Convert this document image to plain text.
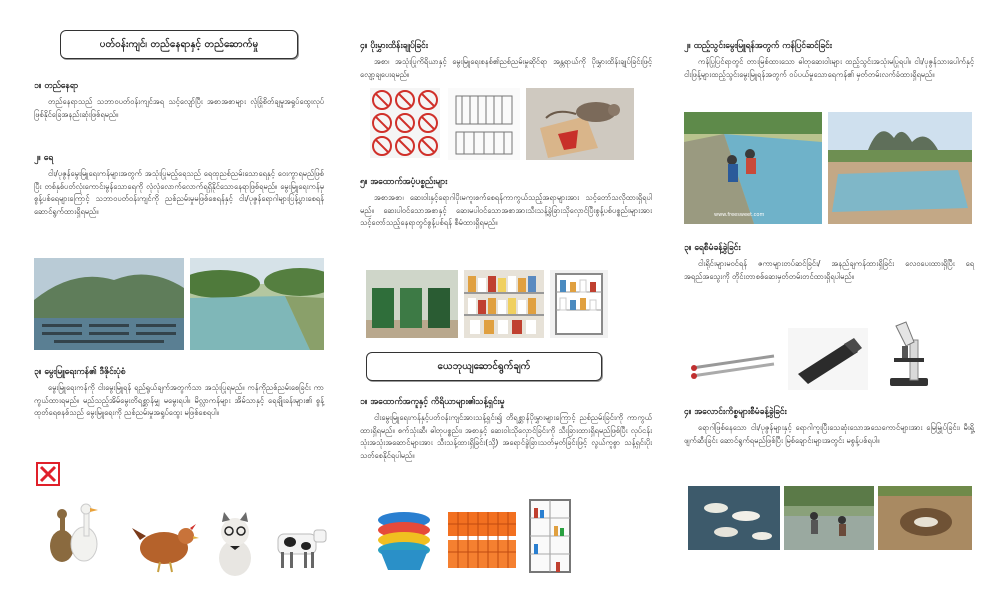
ပတ်ဝန်းကျင်၊ တည်နေရာနှင့် တည်ဆောက်မှု
၁။ တည်နေရာ

တည်နေရာသည် သဘာဝပတ်ဝန်းကျင်အရ သင့်လျော်ပြီး အစာအစာများ လုံခြုံစိတ်ချမှုအရှုပ်ထွေးလုပ် ဖြစ်နိုင်ခြေအနည်းဆုံးဖြစ်ရမည်။

၂။ ရေ

ငါး/ပုဇွန်မွေးမြူရေးကန်များအတွက် အသုံးပြုမည့်ရေသည် ရေထုညစ်ညမ်းသောရေနှင့် ဝေးကွာရမည်ဖြစ်ပြီး တစ်နှစ်ပတ်လုံးကောင်းမွန်သောရေကို လုံလုံလောက်လောက်ရရှိနိုင်သောနေရာဖြစ်ရမည်။ မွေးမြူရေးကန်မှ စွန့်ပစ်ရေများကြောင့် သဘာဝပတ်ဝန်းကျင်ကို ညစ်ညမ်းမှုမဖြစ်စေရန်နှင့် ငါး/ပုဇွန်ရောဂါများပြန့်ပွားစေရန် ဆောင်ရွက်ထားရှိရမည်။

၃။ မွေးမြူရေးကန်၏ ဒီဇိုင်းပုံစံ

မွေးမြူရေးကန်ကို ငါးမွေးမြူရန် ရည်ရွယ်ချက်အတွက်သာ အသုံးပြုရမည်။ ကန်ကိုညစ်ညမ်းစေခြင်း ကာကွယ်ထားရမည်။ မည်သည့်အိမ်မွေးတိရစ္ဆာန်မျှ မမွေးရပါ။ မိလ္လာကန်များ အိမ်သာနှင့် ရေချိုးခန်းများ၏ စွန့်ထုတ်ရေစနစ်သည် မွေးမြူရေးကို ညစ်ညမ်းမှုအရှုပ်ထွေး မဖြစ်စေရပါ။

၄။ ပိုးမွှားထိန်းချုပ်ခြင်း

အစာ၊ အသုံးပြုကိရိယာနှင့် မွေးမြူရေးစနစ်၏ညစ်ညမ်းမှုဆိုင်ရာ အန္တရာယ်ကို ပိုးမွှားထိန်းချုပ်ခြင်းဖြင့် လျော့ချပေးရမည်။

၅။ အထောက်အပံ့ပစ္စည်းများ

အစာအစာ၊ ဆေးဝါးနှင့်ရောဂါပိုးမကူးစက်စေရန်ကာကွယ်သည့်အရာများအား သင့်တော်သလိုထားရှိရပါမည်။ ဆေးပါဝင်သောအစာနှင့် ဆေးမပါဝင်သောအစာအားသီးသန့်ခွဲခြားသိုလှောင်ပြီးစွန့်ပစ်ပစ္စည်းများအားသင့်တော်သည့်နေရာတွင်စွန့်ပစ်ရန် စီမံထားရှိရမည်။

ယေဘုယျဆောင်ရွက်ချက်
၁။ အထောက်အကူနှင့် ကိရိယာများ၏သန့်ရှင်းမှု

ငါးမွေးမြူရေးကန်နှင့်ပတ်ဝန်းကျင်အားသန့်ရှင်း၍ တိရစ္ဆာန်ပိုးမွှားများကြောင့် ညစ်ညမ်းခြင်းကို ကာကွယ်ထားရှိရမည်။ စက်သုံးဆီ၊ ဓါတုပစ္စည်း၊ အစာနှင့် ဆေးဝါးသိုလှောင်ခြင်းကို သီးခြားထားရှိရမည်ဖြစ်ပြီး လုပ်ငန်းသုံးအသုံးအဆောင်များအား သီးသန့်ထားရှိခြင်း(သို့) အရောင်ခွဲခြားသတ်မှတ်ခြင်းဖြင့် လွယ်ကူစွာ သန့်ရှင်းပိုးသတ်စေနိုင်ရပါမည်။

၂။ ထည့်သွင်းမွေးမြူရန်အတွက် ကန်ပြင်ဆင်ခြင်း

ကန်ပြုပြင်ရာတွင် တားမြစ်ထားသော ဓါတုဆေးဝါးများ ထည့်သွင်းအသုံးမပြုရပါ။ ငါး/ပုဇွန်သားပေါက်နှင့် ငါးဖြန့်များထည့်သွင်းမွေးမြူရန်အတွက် ဝပ်ပယ်မှုသောရေကန်၏ မှတ်တမ်းလက်ခံထားရှိရမည်။

www.freesweet.com
၃။ ရေစီမံခန့်ခွဲခြင်း

ငါးရိုင်းများမဝင်ရန် ဇကာများတပ်ဆင်ခြင်း/ အနည်ချကန်ထားရှိခြင်း လေဝပေးထားရှိပြီး ရေအရည်အသွေးကို တိုင်းတာစစ်ဆေးမှတ်တမ်းတင်ထားရှိရပါမည်။

၄။ အလောင်းကိစ္စများစီမံခန့်ခွဲခြင်း

ရောဂါဖြစ်နေသော ငါး/ပုဇွန်များနှင့် ရောဂါကူးပြီးသေဆုံးသောအသေကောင်များအား မြေမြှုပ်ခြင်း၊ မီးရှို့ဖျက်ဆီးခြင်း ဆောင်ရွက်ရမည်ဖြစ်ပြီး မြစ်ချောင်းများအတွင်း မစွန့်ပစ်ရပါ။
